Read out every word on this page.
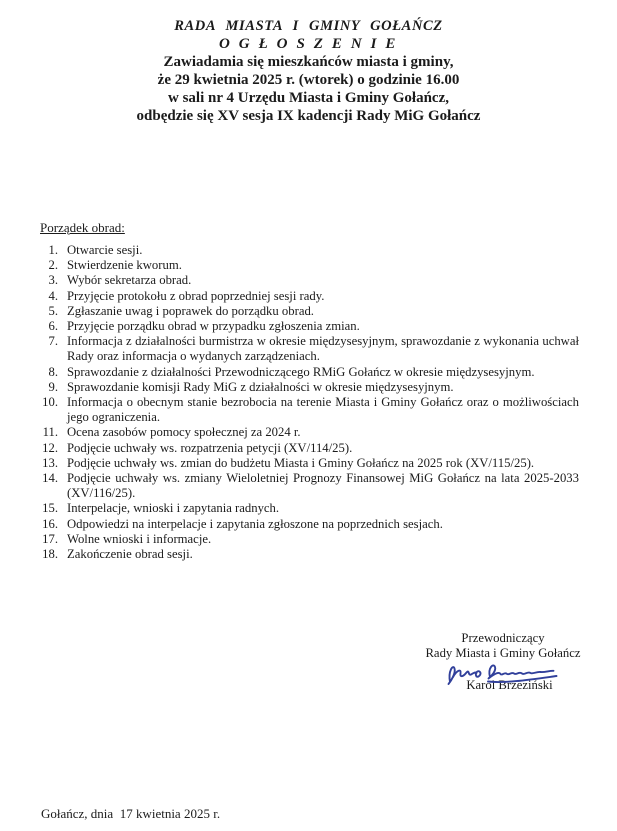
RADA MIASTA I GMINY GOŁAŃCZ
O G Ł O S Z E N I E
Zawiadamia się mieszkańców miasta i gminy,
że 29 kwietnia 2025 r. (wtorek) o godzinie 16.00
w sali nr 4 Urzędu Miasta i Gminy Gołańcz,
odbędzie się XV sesja IX kadencji Rady MiG Gołańcz
Porządek obrad:
1. Otwarcie sesji.
2. Stwierdzenie kworum.
3. Wybór sekretarza obrad.
4. Przyjęcie protokołu z obrad poprzedniej sesji rady.
5. Zgłaszanie uwag i poprawek do porządku obrad.
6. Przyjęcie porządku obrad w przypadku zgłoszenia zmian.
7. Informacja z działalności burmistrza w okresie międzysesyjnym, sprawozdanie z wykonania uchwał Rady oraz informacja o wydanych zarządzeniach.
8. Sprawozdanie z działalności Przewodniczącego RMiG Gołańcz w okresie międzysesyjnym.
9. Sprawozdanie komisji Rady MiG z działalności w okresie międzysesyjnym.
10. Informacja o obecnym stanie bezrobocia na terenie Miasta i Gminy Gołańcz oraz o możliwościach jego ograniczenia.
11. Ocena zasobów pomocy społecznej za 2024 r.
12. Podjęcie uchwały ws. rozpatrzenia petycji (XV/114/25).
13. Podjęcie uchwały ws. zmian do budżetu Miasta i Gminy Gołańcz na 2025 rok (XV/115/25).
14. Podjęcie uchwały ws. zmiany Wieloletniej Prognozy Finansowej MiG Gołańcz na lata 2025-2033 (XV/116/25).
15. Interpelacje, wnioski i zapytania radnych.
16. Odpowiedzi na interpelacje i zapytania zgłoszone na poprzednich sesjach.
17. Wolne wnioski i informacje.
18. Zakończenie obrad sesji.
Przewodniczący
Rady Miasta i Gminy Gołańcz
Karol Brzeziński
Gołańcz, dnia  17 kwietnia 2025 r.
